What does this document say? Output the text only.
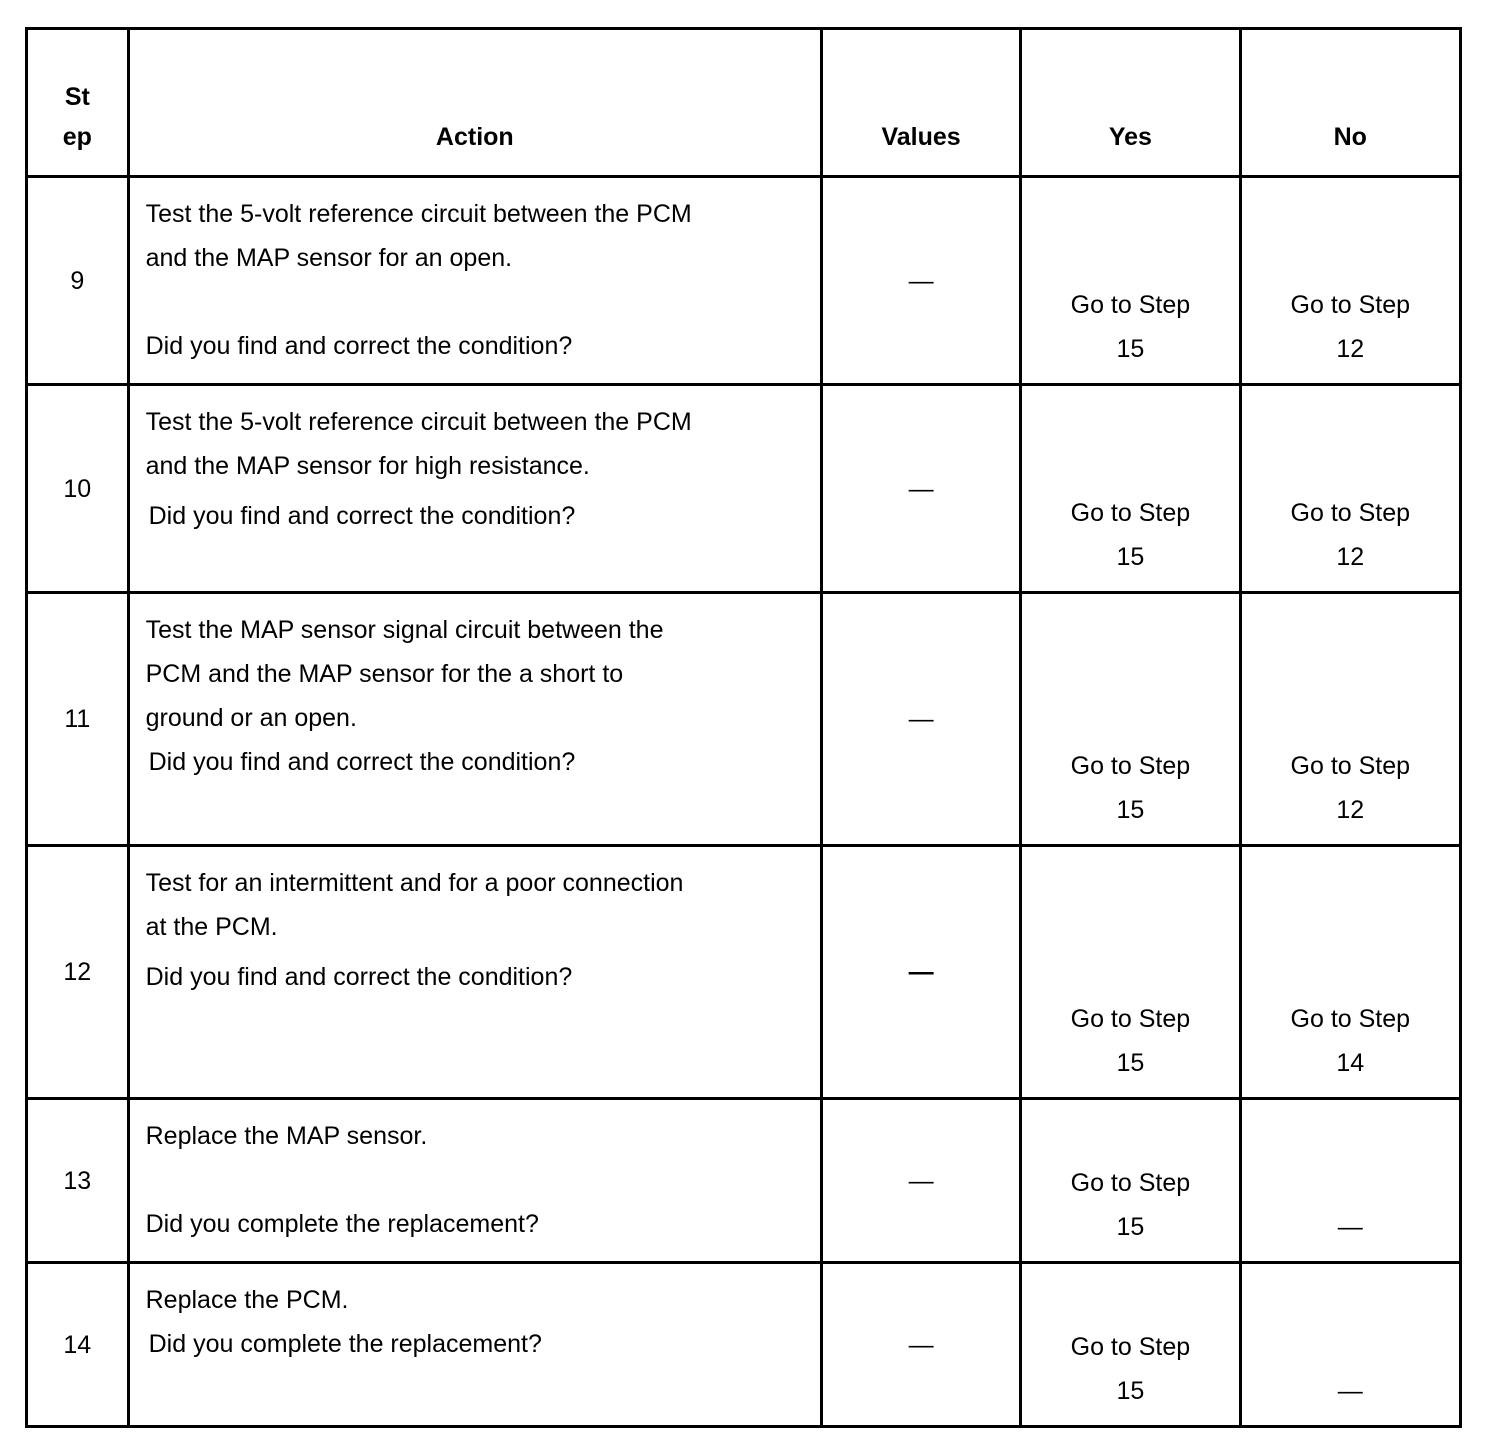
St
ep	Action	Values	Yes	No
9	Test the 5-volt reference circuit between the PCM
and the MAP sensor for an open.
Did you find and correct the condition?	—	Go to Step
15	Go to Step
12

10	Test the 5-volt reference circuit between the PCM
and the MAP sensor for high resistance.
Did you find and correct the condition?	—	Go to Step
15	Go to Step
12

11	Test the MAP sensor signal circuit between the
PCM and the MAP sensor for the a short to
ground or an open.
Did you find and correct the condition?	—	Go to Step
15	Go to Step
12

12	Test for an intermittent and for a poor connection
at the PCM.
Did you find and correct the condition?	—	Go to Step
15	Go to Step
14

13	Replace the MAP sensor.
Did you complete the replacement?	—	Go to Step
15	—

14	Replace the PCM.
Did you complete the replacement?	—	Go to Step
15	—
